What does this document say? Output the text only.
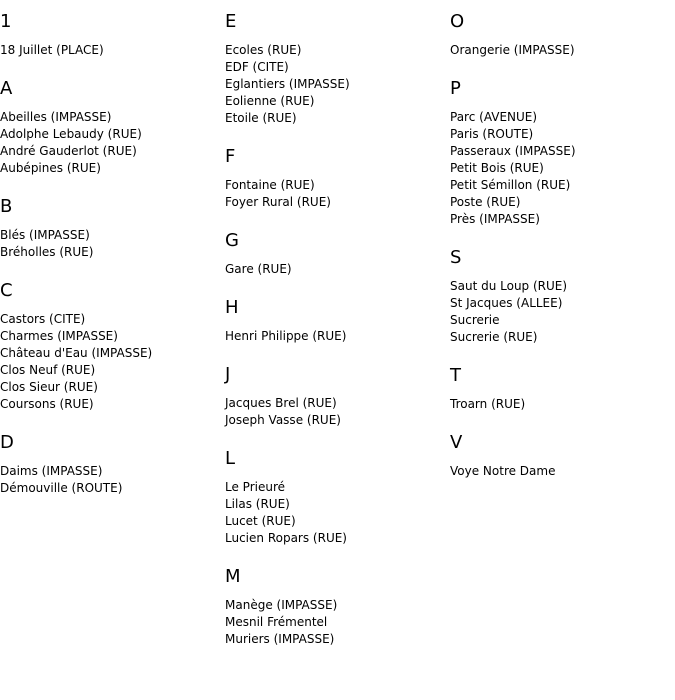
1
18 Juillet (PLACE)
A
Abeilles (IMPASSE)
Adolphe Lebaudy (RUE)
André Gauderlot (RUE)
Aubépines (RUE)
B
Blés (IMPASSE)
Bréholles (RUE)
C
Castors (CITE)
Charmes (IMPASSE)
Château d'Eau (IMPASSE)
Clos Neuf (RUE)
Clos Sieur (RUE)
Coursons (RUE)
D
Daims (IMPASSE)
Démouville (ROUTE)
E
Ecoles (RUE)
EDF (CITE)
Eglantiers (IMPASSE)
Eolienne (RUE)
Etoile (RUE)
F
Fontaine (RUE)
Foyer Rural (RUE)
G
Gare (RUE)
H
Henri Philippe (RUE)
J
Jacques Brel (RUE)
Joseph Vasse (RUE)
L
Le Prieuré
Lilas (RUE)
Lucet (RUE)
Lucien Ropars (RUE)
M
Manège (IMPASSE)
Mesnil Frémentel
Muriers (IMPASSE)
O
Orangerie (IMPASSE)
P
Parc (AVENUE)
Paris (ROUTE)
Passeraux (IMPASSE)
Petit Bois (RUE)
Petit Sémillon (RUE)
Poste (RUE)
Près (IMPASSE)
S
Saut du Loup (RUE)
St Jacques (ALLEE)
Sucrerie
Sucrerie (RUE)
T
Troarn (RUE)
V
Voye Notre Dame
